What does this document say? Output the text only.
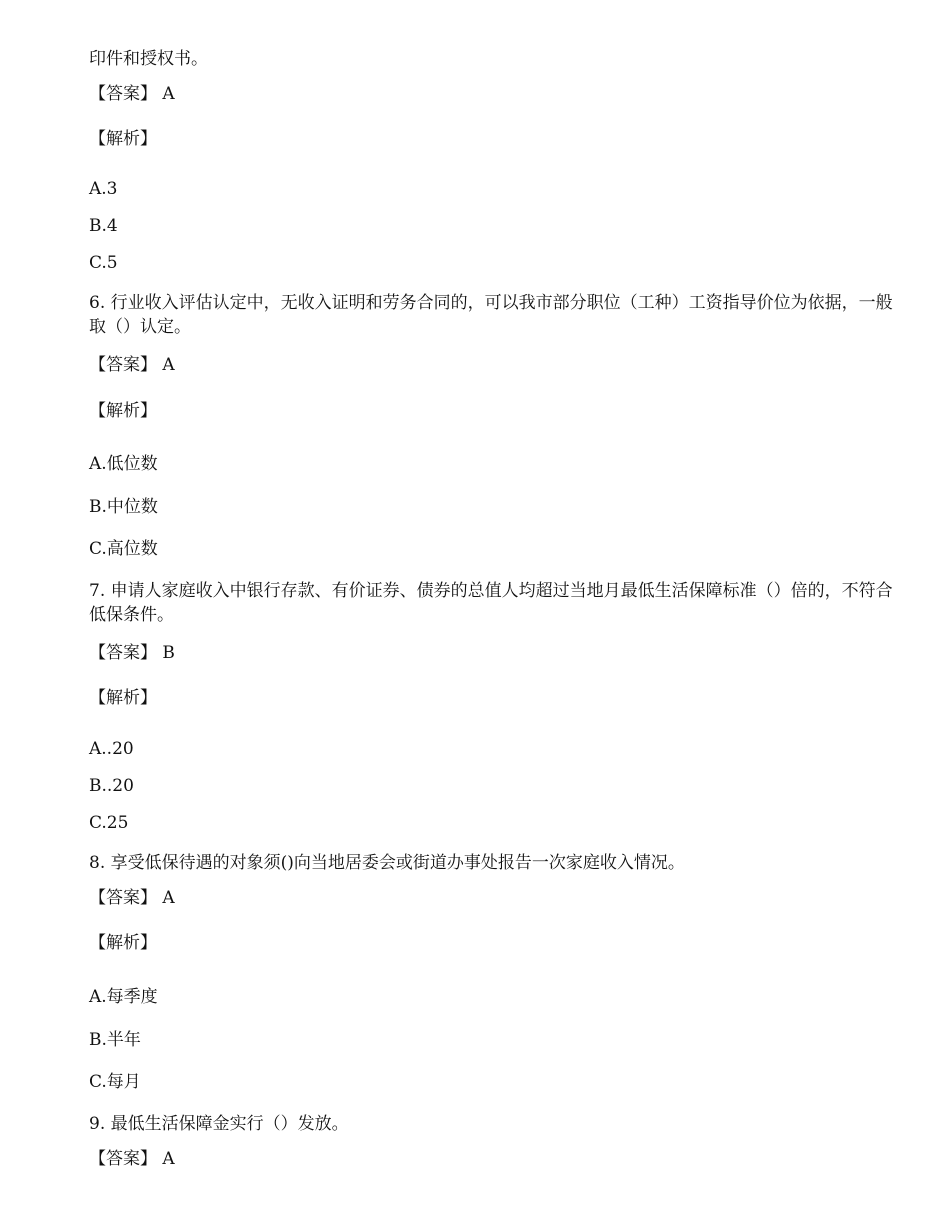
印件和授权书。
【答案】 A
【解析】
A.3
B.4
C.5
6. 行业收入评估认定中，无收入证明和劳务合同的，可以我市部分职位（工种）工资指导价位为依据，一般取（）认定。
【答案】 A
【解析】
A.低位数
B.中位数
C.高位数
7. 申请人家庭收入中银行存款、有价证券、债券的总值人均超过当地月最低生活保障标准（）倍的，不符合低保条件。
【答案】 B
【解析】
A..20
B..20
C.25
8. 享受低保待遇的对象须()向当地居委会或街道办事处报告一次家庭收入情况。
【答案】 A
【解析】
A.每季度
B.半年
C.每月
9. 最低生活保障金实行（）发放。
【答案】 A
